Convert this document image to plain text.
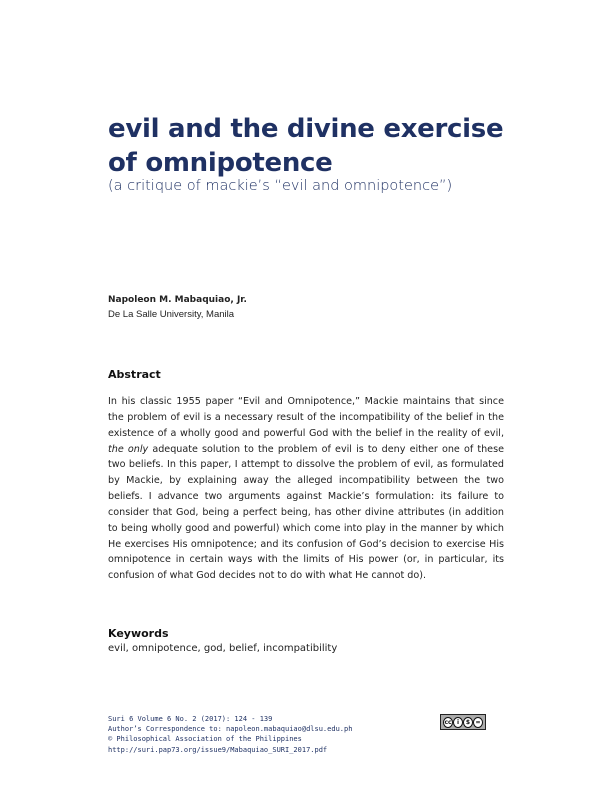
evil and the divine exercise of omnipotence

(a critique of mackie’s “evil and omnipotence”)

Napoleon M. Mabaquiao, Jr.

De La Salle University, Manila

Abstract

In his classic 1955 paper “Evil and Omnipotence,” Mackie maintains that since the problem of evil is a necessary result of the incompatibility of the belief in the existence of a wholly good and powerful God with the belief in the reality of evil, the only adequate solution to the problem of evil is to deny either one of these two beliefs. In this paper, I attempt to dissolve the problem of evil, as formulated by Mackie, by explaining away the alleged incompatibility between the two beliefs. I advance two arguments against Mackie’s formulation: its failure to consider that God, being a perfect being, has other divine attributes (in addition to being wholly good and powerful) which come into play in the manner by which He exercises His omnipotence; and its confusion of God’s decision to exercise His omnipotence in certain ways with the limits of His power (or, in particular, its confusion of what God decides not to do with what He cannot do).

Keywords

evil, omnipotence, god, belief, incompatibility

Suri 6 Volume 6 No. 2 (2017): 124 - 139
Author’s Correspondence to: napoleon.mabaquiao@dlsu.edu.ph
© Philosophical Association of the Philippines
http://suri.pap73.org/issue9/Mabaquiao_SURI_2017.pdf
cc i	$ =
